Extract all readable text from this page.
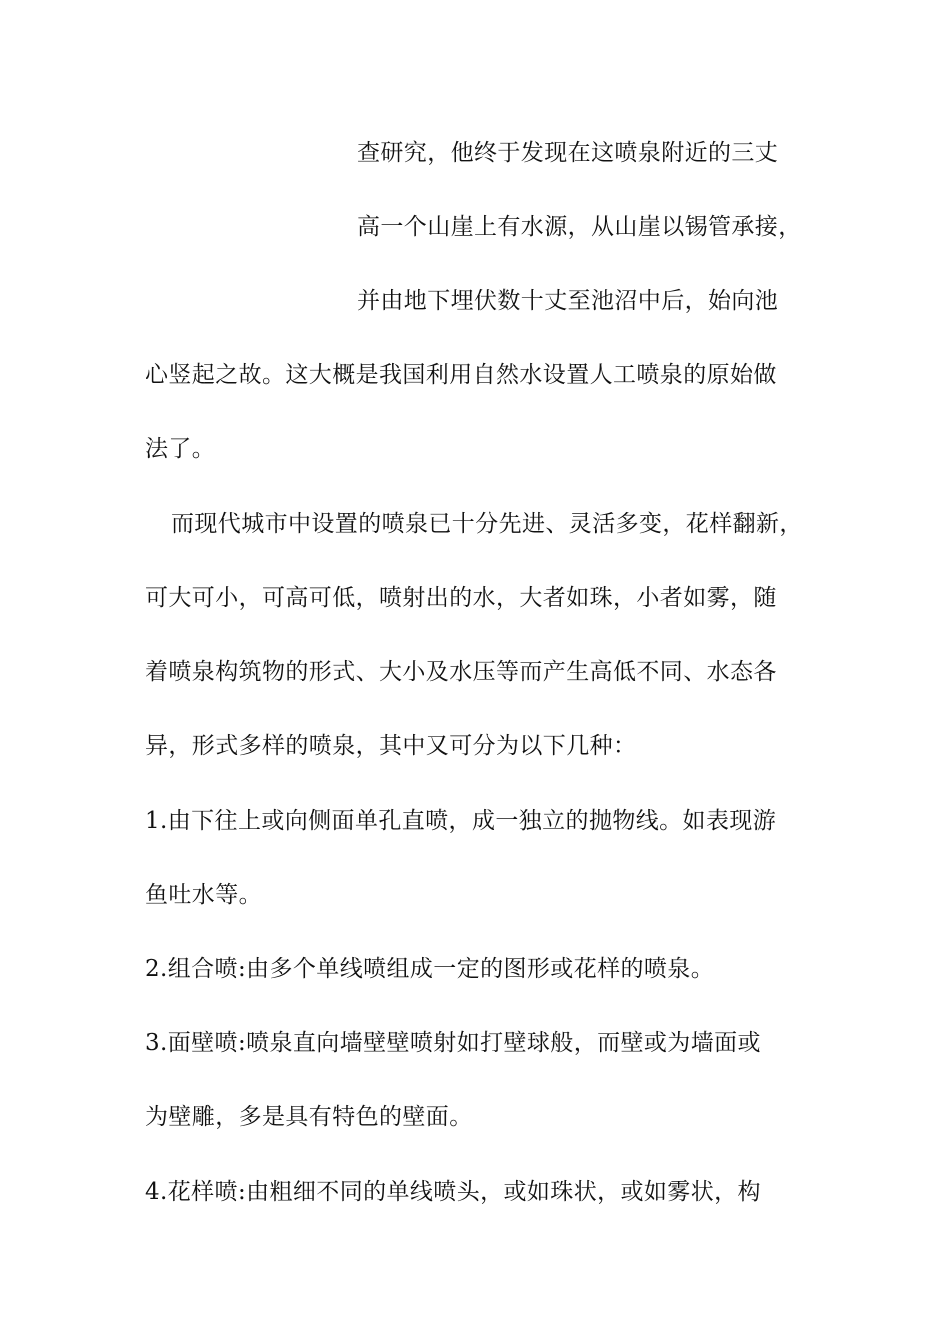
查研究，他终于发现在这喷泉附近的三丈
高一个山崖上有水源，从山崖以锡管承接，
并由地下埋伏数十丈至池沼中后，始向池
心竖起之故。这大概是我国利用自然水设置人工喷泉的原始做
法了。
而现代城市中设置的喷泉已十分先进、灵活多变，花样翻新，
可大可小，可高可低，喷射出的水，大者如珠，小者如雾，随
着喷泉构筑物的形式、大小及水压等而产生高低不同、水态各
异，形式多样的喷泉，其中又可分为以下几种：
1.由下往上或向侧面单孔直喷，成一独立的抛物线。如表现游
鱼吐水等。
2.组合喷:由多个单线喷组成一定的图形或花样的喷泉。
3.面壁喷:喷泉直向墙壁壁喷射如打壁球般，而壁或为墙面或
为壁雕，多是具有特色的壁面。
4.花样喷:由粗细不同的单线喷头，或如珠状，或如雾状，构
